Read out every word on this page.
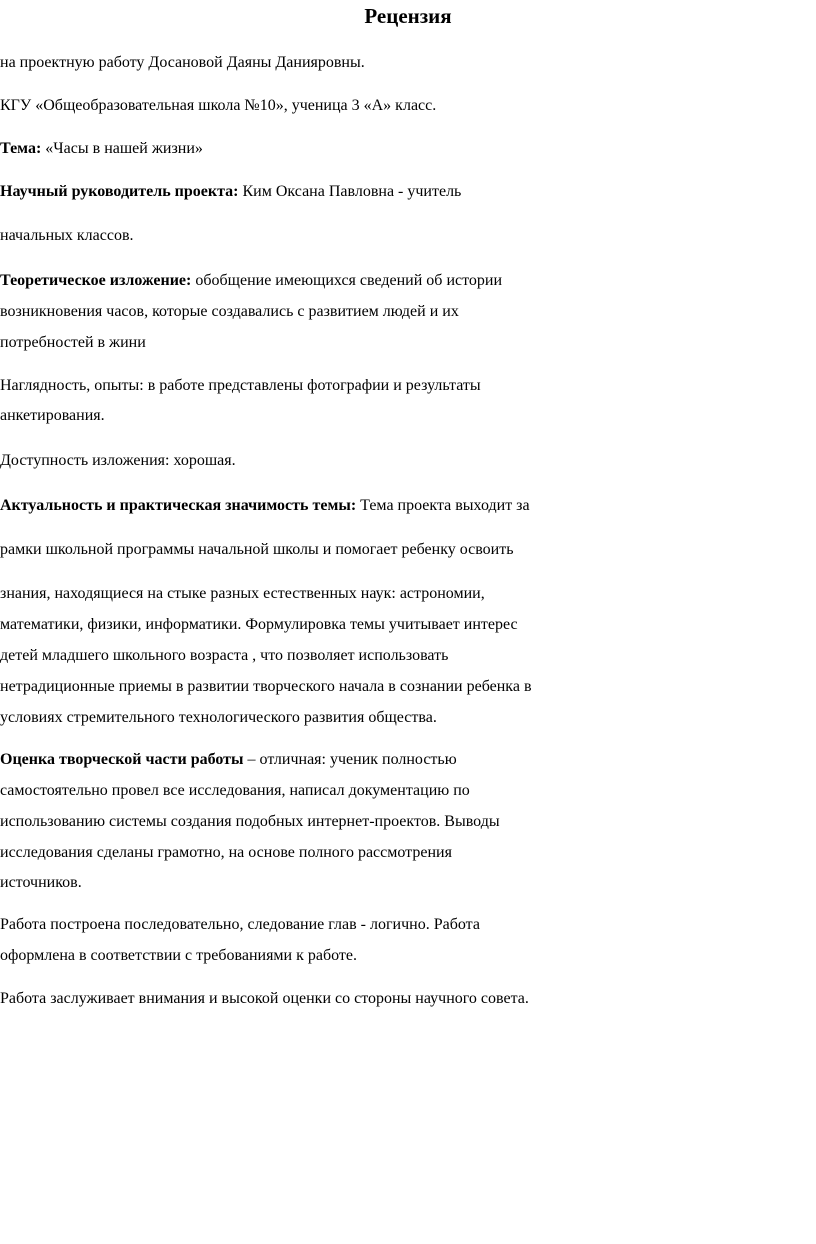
Рецензия
на проектную работу Досановой Даяны Данияровны.
КГУ «Общеобразовательная школа №10», ученица 3 «А» класс.
Тема: «Часы в нашей жизни»
Научный руководитель проекта: Ким Оксана Павловна - учитель
начальных классов.
Теоретическое изложение: обобщение имеющихся сведений об истории
возникновения часов, которые создавались с развитием людей и их
потребностей в жини
Наглядность, опыты: в работе представлены фотографии и результаты
анкетирования.
Доступность изложения: хорошая.
Актуальность и практическая значимость темы: Тема проекта выходит за
рамки школьной программы начальной школы и помогает ребенку освоить
знания, находящиеся на стыке разных естественных наук: астрономии,
математики, физики, информатики. Формулировка темы учитывает интерес
детей младшего школьного возраста , что позволяет использовать
нетрадиционные приемы в развитии творческого начала в сознании ребенка в
условиях стремительного технологического развития общества.
Оценка творческой части работы – отличная: ученик полностью
самостоятельно провел все исследования, написал документацию по
использованию системы создания подобных интернет-проектов. Выводы
исследования сделаны грамотно, на основе полного рассмотрения
источников.
Работа построена последовательно, следование глав - логично. Работа
оформлена в соответствии с требованиями к работе.
Работа заслуживает внимания и высокой оценки со стороны научного совета.
